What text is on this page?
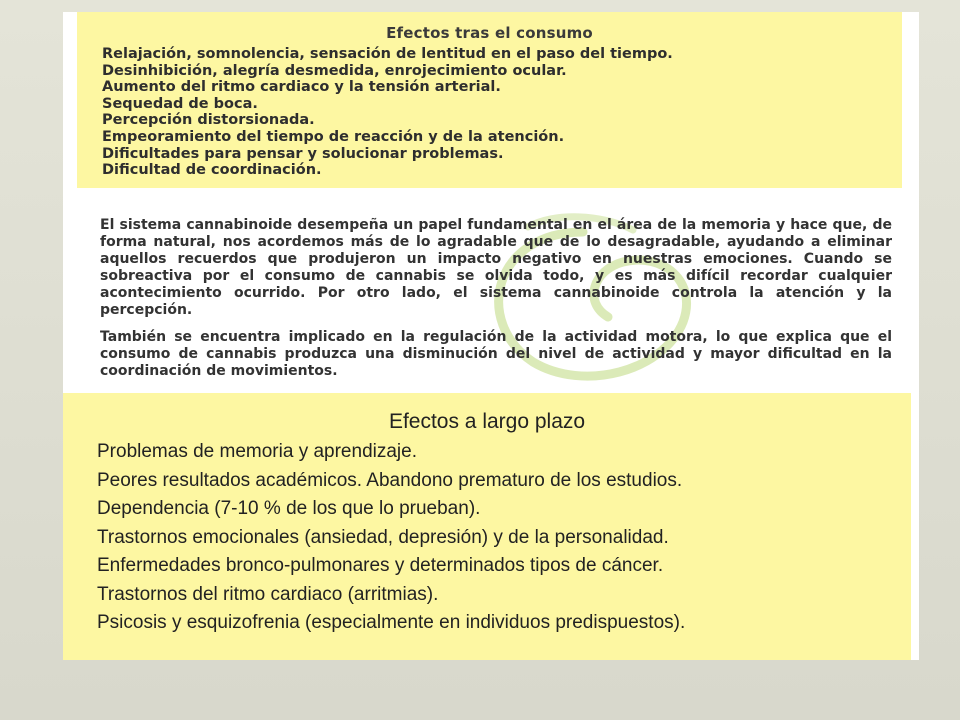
Efectos tras el consumo
Relajación, somnolencia, sensación de lentitud en el paso del tiempo.
Desinhibición, alegría desmedida, enrojecimiento ocular.
Aumento del ritmo cardiaco y la tensión arterial.
Sequedad de boca.
Percepción distorsionada.
Empeoramiento del tiempo de reacción y de la atención.
Dificultades para pensar y solucionar problemas.
Dificultad de coordinación.

El sistema cannabinoide desempeña un papel fundamental en el área de la memoria y hace que, de forma natural, nos acordemos más de lo agradable que de lo desagradable, ayudando a eliminar aquellos recuerdos que produjeron un impacto negativo en nuestras emociones. Cuando se sobreactiva por el consumo de cannabis se olvida todo, y es más difícil recordar cualquier acontecimiento ocurrido. Por otro lado, el sistema cannabinoide controla la atención y la percepción.

También se encuentra implicado en la regulación de la actividad motora, lo que explica que el consumo de cannabis produzca una disminución del nivel de actividad y mayor dificultad en la coordinación de movimientos.

Efectos a largo plazo
Problemas de memoria y aprendizaje.
Peores resultados académicos. Abandono prematuro de los estudios.
Dependencia (7-10 % de los que lo prueban).
Trastornos emocionales (ansiedad, depresión) y de la personalidad.
Enfermedades bronco-pulmonares y determinados tipos de cáncer.
Trastornos del ritmo cardiaco (arritmias).
Psicosis y esquizofrenia (especialmente en individuos predispuestos).
